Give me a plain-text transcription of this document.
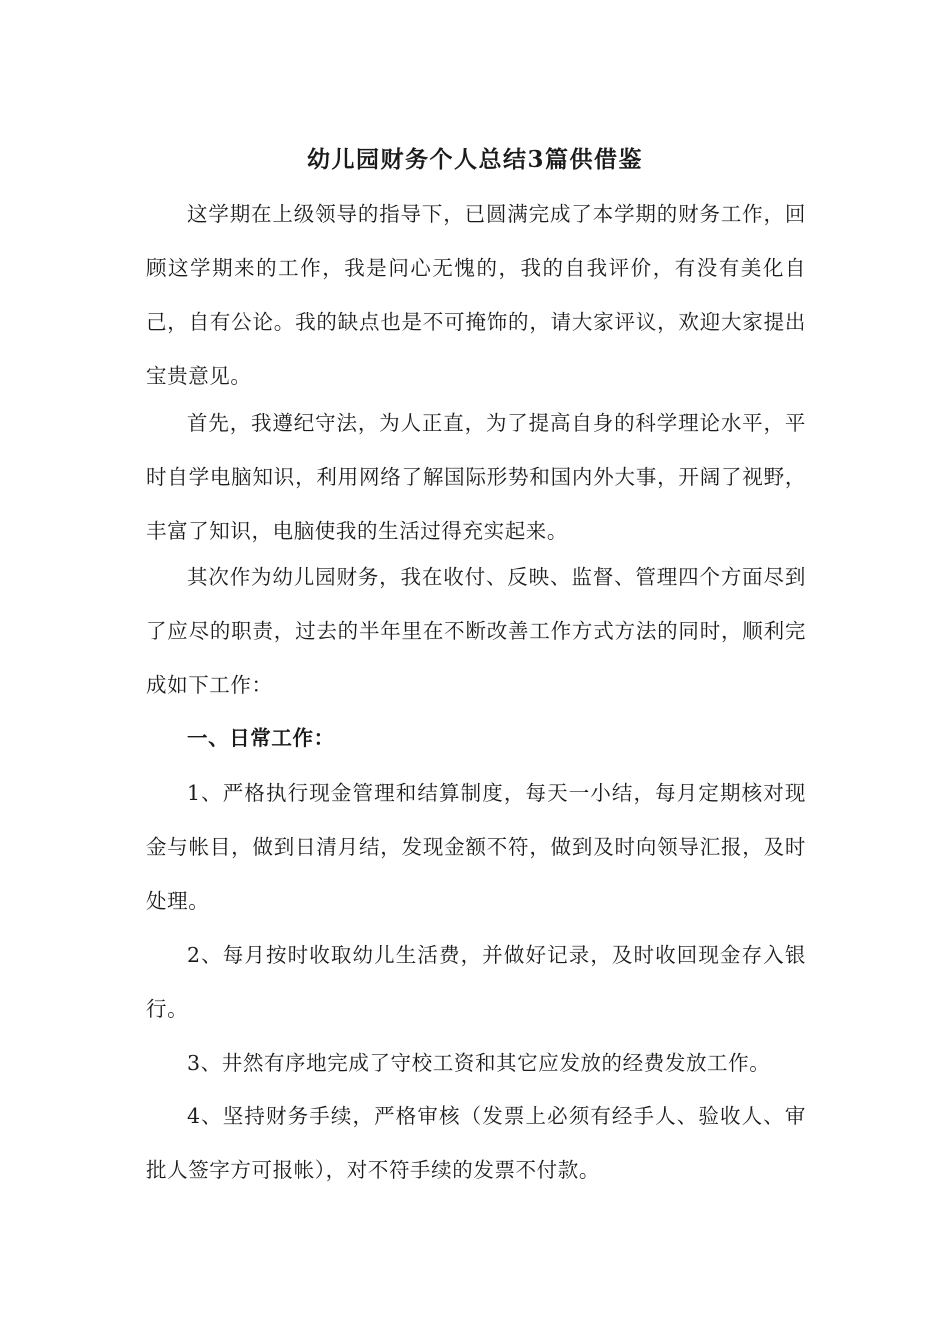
幼儿园财务个人总结3篇供借鉴
这学期在上级领导的指导下，已圆满完成了本学期的财务工作，回顾这学期来的工作，我是问心无愧的，我的自我评价，有没有美化自己，自有公论。我的缺点也是不可掩饰的，请大家评议，欢迎大家提出宝贵意见。
首先，我遵纪守法，为人正直，为了提高自身的科学理论水平，平时自学电脑知识，利用网络了解国际形势和国内外大事，开阔了视野，丰富了知识，电脑使我的生活过得充实起来。
其次作为幼儿园财务，我在收付、反映、监督、管理四个方面尽到了应尽的职责，过去的半年里在不断改善工作方式方法的同时，顺利完成如下工作：
一、日常工作：
1、严格执行现金管理和结算制度，每天一小结，每月定期核对现金与帐目，做到日清月结，发现金额不符，做到及时向领导汇报，及时处理。
2、每月按时收取幼儿生活费，并做好记录，及时收回现金存入银行。
3、井然有序地完成了守校工资和其它应发放的经费发放工作。
4、坚持财务手续，严格审核（发票上必须有经手人、验收人、审批人签字方可报帐），对不符手续的发票不付款。
